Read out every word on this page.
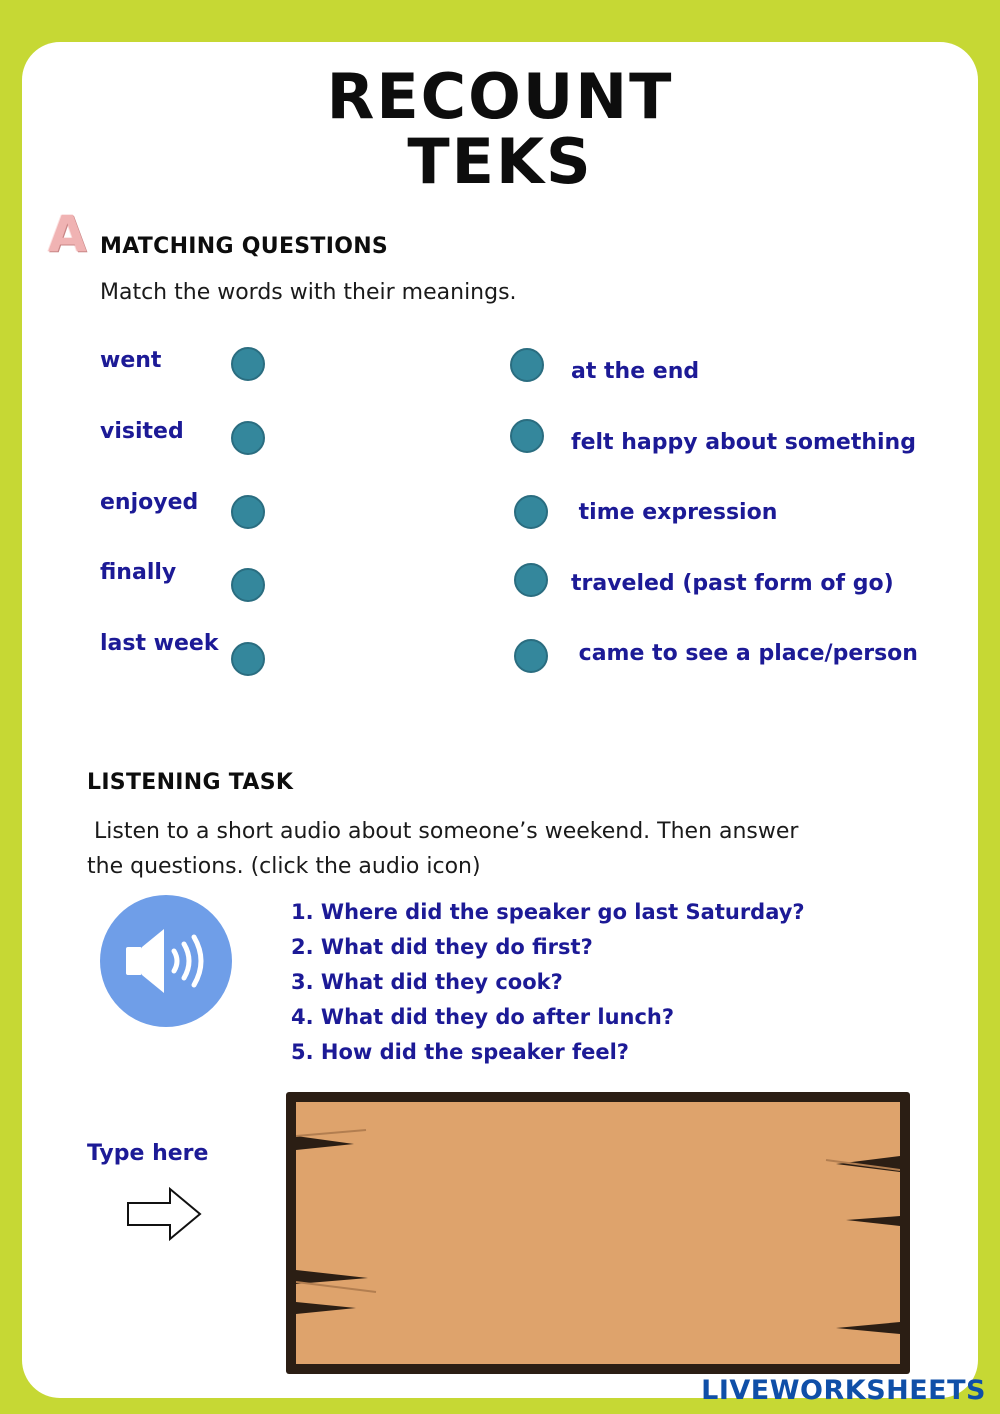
RECOUNT
TEKS
A MATCHING QUESTIONS
Match the words with their meanings.
went
visited
enjoyed
finally
last week
at the end
felt happy about something
time expression
traveled (past form of go)
came to see a place/person
LISTENING TASK
Listen to a short audio about someone’s weekend. Then answer
the questions. (click the audio icon)
1. Where did the speaker go last Saturday?
2. What did they do first?
3. What did they cook?
4. What did they do after lunch?
5. How did the speaker feel?
Type here
LIVEWORKSHEETS
